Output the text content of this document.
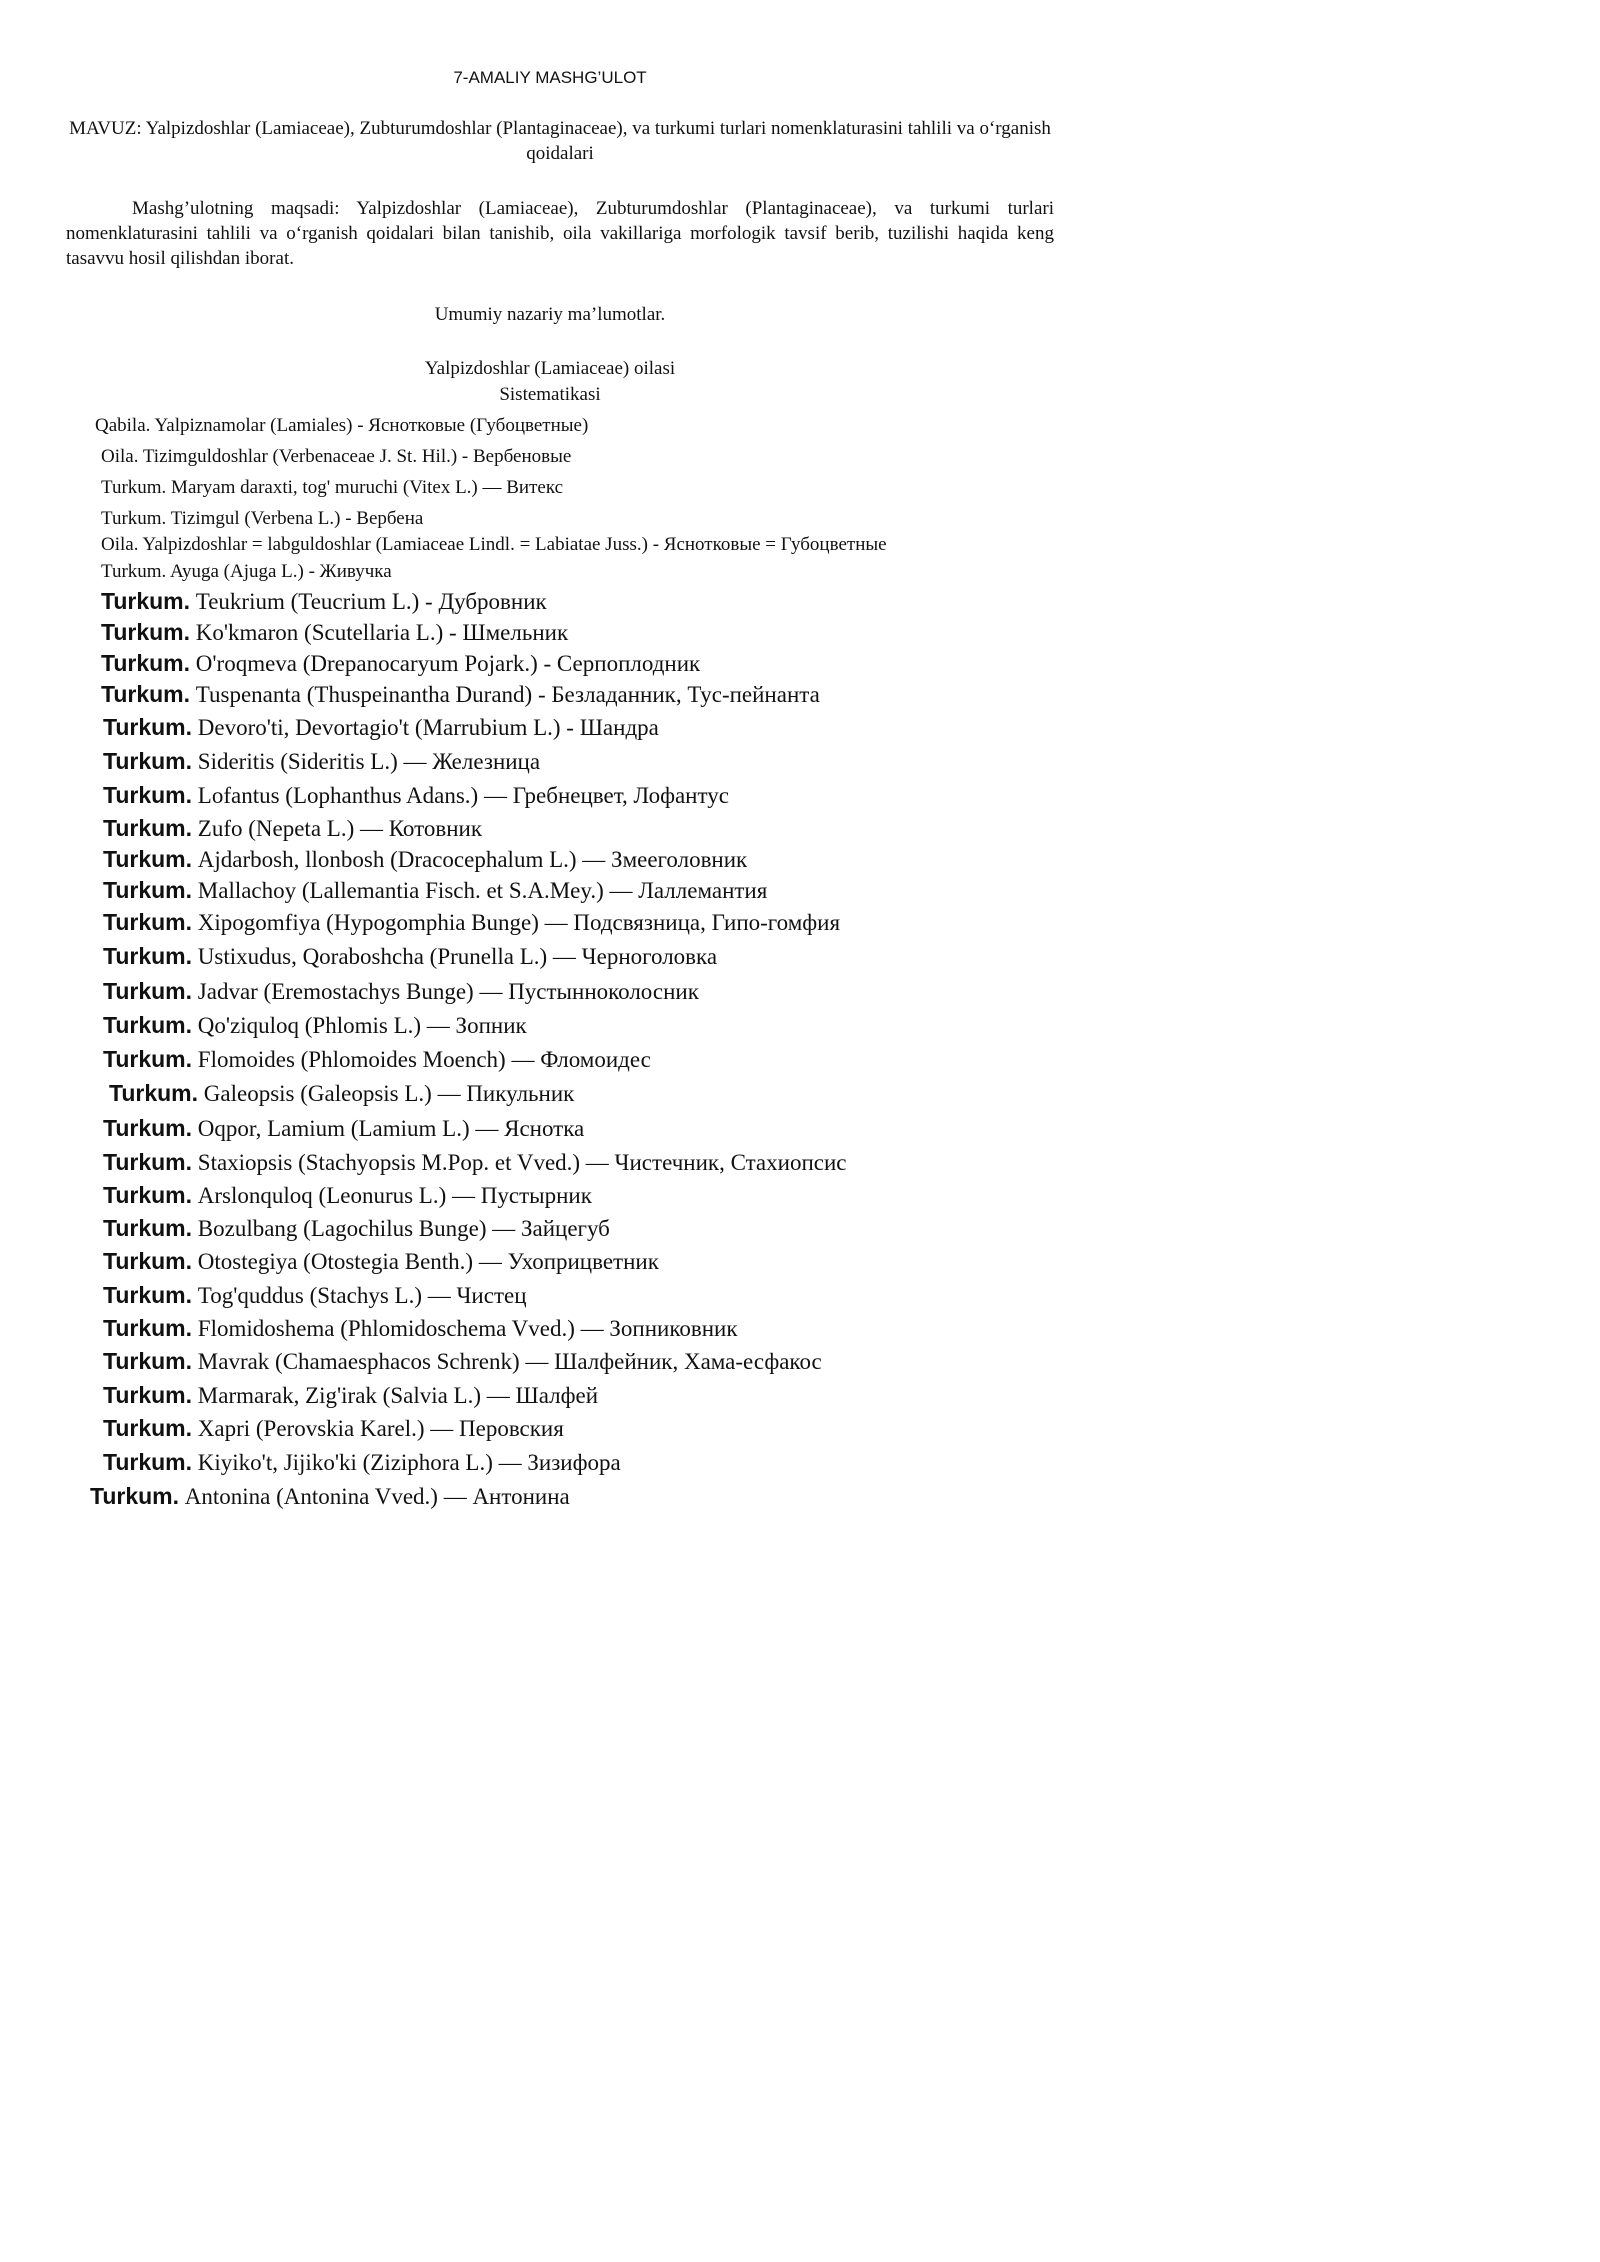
7-AMALIY MASHG’ULOT
MAVUZ: Yalpizdoshlar (Lamiaceae), Zubturumdoshlar (Plantaginaceae), va turkumi turlari nomenklaturasini tahlili va o‘rganish qoidalari
Mashg’ulotning maqsadi: Yalpizdoshlar (Lamiaceae), Zubturumdoshlar (Plantaginaceae), va turkumi turlari nomenklaturasini tahlili va o‘rganish qoidalari bilan tanishib, oila vakillariga morfologik tavsif berib, tuzilishi haqida keng tasavvu hosil qilishdan iborat.
Umumiy nazariy ma’lumotlar.
Yalpizdoshlar (Lamiaceae) oilasi
Sistematikasi
Qabila. Yalpiznamolar (Lamiales) - Яснотковые (Губоцветные)
Oila. Tizimguldoshlar (Verbenaceae J. St. Hil.) - Вербеновые
Turkum. Maryam daraxti, tog' muruchi (Vitex L.) — Витекс
Turkum. Tizimgul (Verbena L.) - Вербена
Oila. Yalpizdoshlar = labguldoshlar (Lamiaceae Lindl. = Labiatae Juss.) - Яснотковые = Губоцветные
Turkum. Ayuga (Ajuga L.) - Живучка
Turkum. Teukrium (Teucrium L.) - Дубровник
Turkum. Ko'kmaron (Scutellaria L.) - Шмельник
Turkum. O'roqmeva (Drepanocaryum Pojark.) - Серпоплодник
Turkum. Tuspenanta (Thuspeinantha Durand) - Безладанник, Тус-пейнанта
Turkum. Devoro'ti, Devortagio't (Marrubium L.) - Шандра
Turkum. Sideritis (Sideritis L.) — Железница
Turkum. Lofantus (Lophanthus Adans.) — Гребнецвет, Лофантус
Turkum. Zufo (Nepeta L.) — Котовник
Turkum. Ajdarbosh, llonbosh (Dracocephalum L.) — Змееголовник
Turkum. Mallachoy (Lallemantia Fisch. et S.A.Mey.) — Лаллемантия
Turkum. Xipogomfiya (Hypogomphia Bunge) — Подсвязница, Гипо-гомфия
Turkum. Ustixudus, Qoraboshcha (Prunella L.) — Черноголовка
Turkum. Jadvar (Eremostachys Bunge) — Пустынноколосник
Turkum. Qo'ziquloq (Phlomis L.) — Зопник
Turkum. Flomoides (Phlomoides Moench) — Фломоидес
Turkum. Galeopsis (Galeopsis L.) — Пикульник
Turkum. Oqpor, Lamium (Lamium L.) — Яснотка
Turkum. Staxiopsis (Stachyopsis M.Pop. et Vved.) — Чистечник, Стахиопсис
Turkum. Arslonquloq (Leonurus L.) — Пустырник
Turkum. Bozulbang (Lagochilus Bunge) — Зайцегуб
Turkum. Otostegiya (Otostegia Benth.) — Ухоприцветник
Turkum. Tog'quddus (Stachys L.) — Чистец
Turkum. Flomidoshema (Phlomidoschema Vved.) — Зопниковник
Turkum. Mavrak (Chamaesphacos Schrenk) — Шалфейник, Хама-есфакос
Turkum. Marmarak, Zig'irak (Salvia L.) — Шалфей
Turkum. Xapri (Perovskia Karel.) — Перовския
Turkum. Kiyiko't, Jijiko'ki (Ziziphora L.) — Зизифора
Turkum. Antonina (Antonina Vved.) — Антонина
